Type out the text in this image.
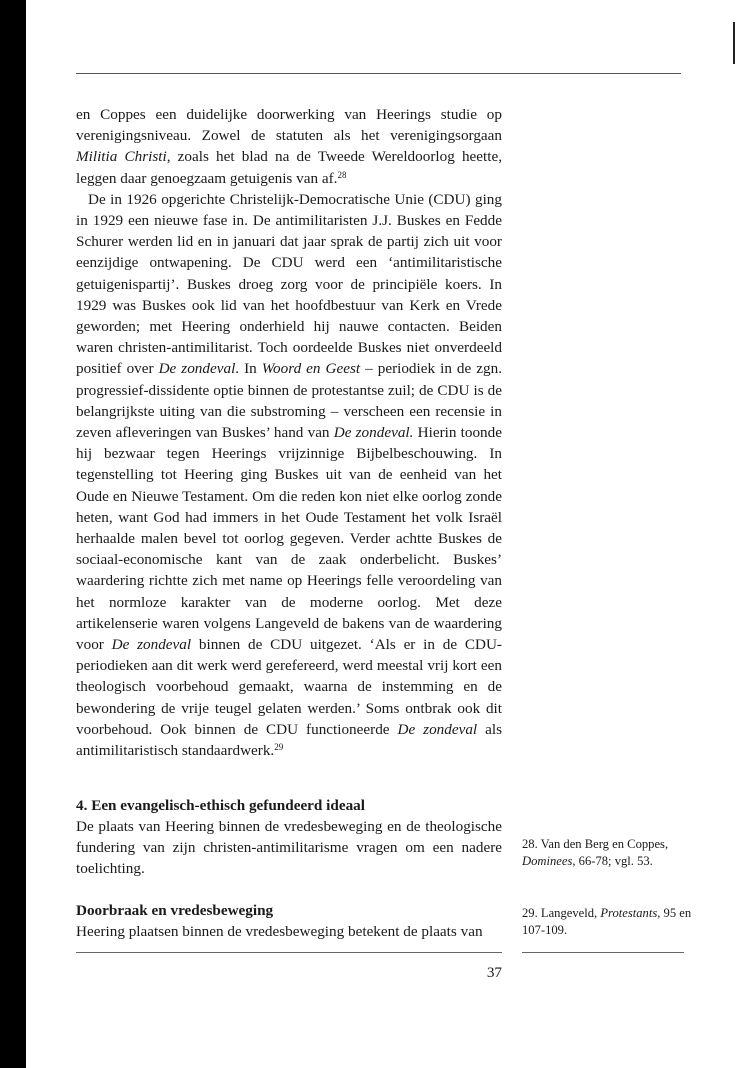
en Coppes een duidelijke doorwerking van Heerings studie op verenigingsniveau. Zowel de statuten als het verenigingsorgaan Militia Christi, zoals het blad na de Tweede Wereldoorlog heette, leggen daar genoegzaam getuigenis van af.$^{28}$

De in 1926 opgerichte Christelijk-Democratische Unie (CDU) ging in 1929 een nieuwe fase in. De antimilitaristen J.J. Buskes en Fedde Schurer werden lid en in januari dat jaar sprak de partij zich uit voor eenzijdige ontwapening. De CDU werd een ‘antimilitaristische getuigenispartij’. Buskes droeg zorg voor de principiële koers. In 1929 was Buskes ook lid van het hoofdbestuur van Kerk en Vrede geworden; met Heering onderhield hij nauwe contacten. Beiden waren christen-antimilitarist. Toch oordeelde Buskes niet onverdeeld positief over De zondeval. In Woord en Geest – periodiek in de zgn. progressief-dissidente optie binnen de protestantse zuil; de CDU is de belangrijkste uiting van die substroming – verscheen een recensie in zeven afleveringen van Buskes’ hand van De zondeval. Hierin toonde hij bezwaar tegen Heerings vrijzinnige Bijbelbeschouwing. In tegenstelling tot Heering ging Buskes uit van de eenheid van het Oude en Nieuwe Testament. Om die reden kon niet elke oorlog zonde heten, want God had immers in het Oude Testament het volk Israël herhaalde malen bevel tot oorlog gegeven. Verder achtte Buskes de sociaal-economische kant van de zaak onderbelicht. Buskes’ waardering richtte zich met name op Heerings felle veroordeling van het normloze karakter van de moderne oorlog. Met deze artikelenserie waren volgens Langeveld de bakens van de waardering voor De zondeval binnen de CDU uitgezet. ‘Als er in de CDU-periodieken aan dit werk werd gerefereerd, werd meestal vrij kort een theologisch voorbehoud gemaakt, waarna de instemming en de bewondering de vrije teugel gelaten werden.’ Soms ontbrak ook dit voorbehoud. Ook binnen de CDU functioneerde De zondeval als antimilitaristisch standaardwerk.$^{29}$

4. Een evangelisch-ethisch gefundeerd ideaal

De plaats van Heering binnen de vredesbeweging en de theologische fundering van zijn christen-antimilitarisme vragen om een nadere toelichting.

Doorbraak en vredesbeweging

Heering plaatsen binnen de vredesbeweging betekent de plaats van

37

28. Van den Berg en Coppes, Dominees, 66-78; vgl. 53.

29. Langeveld, Protestants, 95 en 107-109.
